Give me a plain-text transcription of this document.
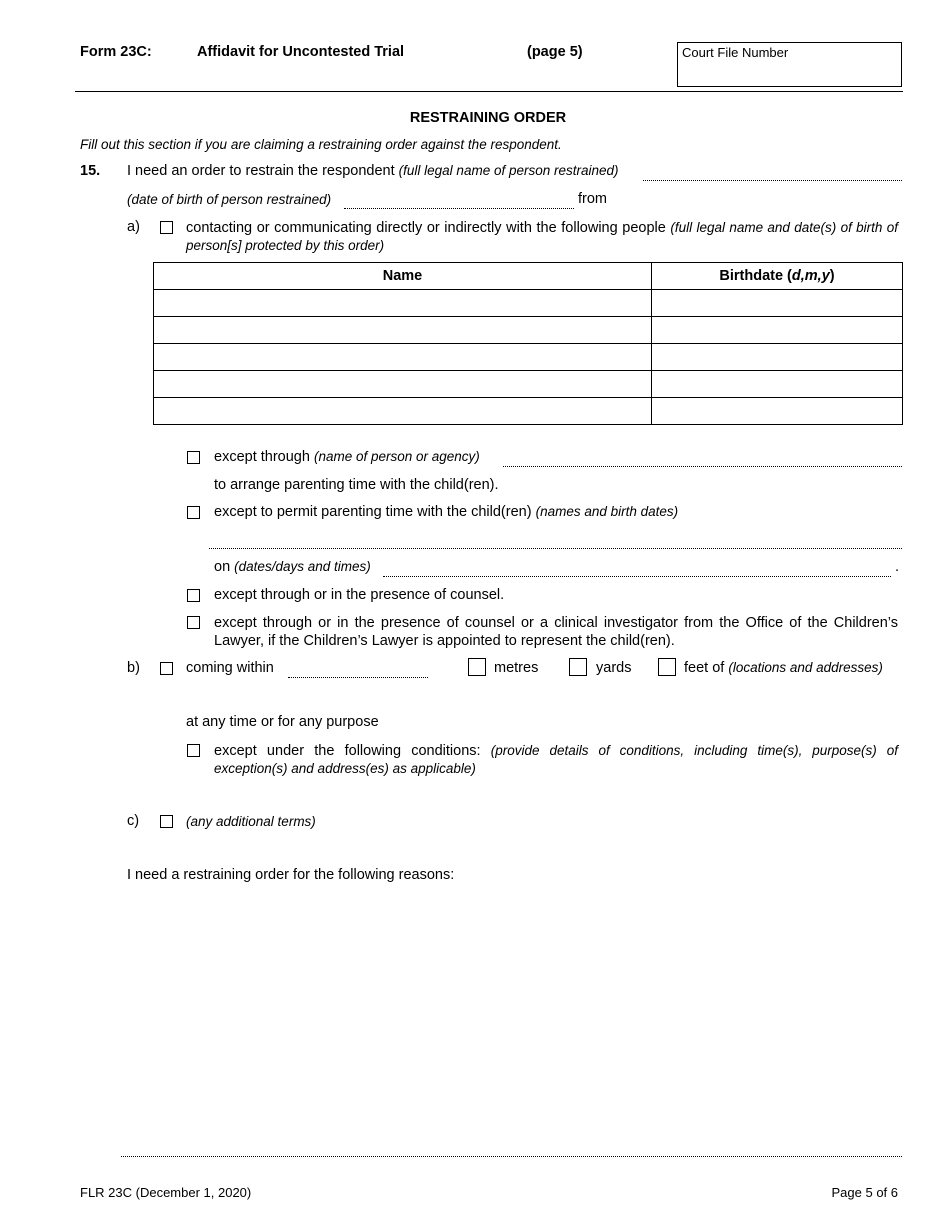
Form 23C:	Affidavit for Uncontested Trial	(page 5)	Court File Number
RESTRAINING ORDER
Fill out this section if you are claiming a restraining order against the respondent.
15. I need an order to restrain the respondent (full legal name of person restrained)
(date of birth of person restrained)	from
a)	contacting or communicating directly or indirectly with the following people (full legal name and date(s) of birth of person[s] protected by this order)
Name	Birthdate (d,m,y)

except through (name of person or agency)
to arrange parenting time with the child(ren).
except to permit parenting time with the child(ren) (names and birth dates)
on (dates/days and times)	.
except through or in the presence of counsel.
except through or in the presence of counsel or a clinical investigator from the Office of the Children’s Lawyer, if the Children’s Lawyer is appointed to represent the child(ren).
b)	coming within	metres	yards	feet of (locations and addresses)
at any time or for any purpose
except under the following conditions: (provide details of conditions, including time(s), purpose(s) of exception(s) and address(es) as applicable)
c)	(any additional terms)
I need a restraining order for the following reasons:
FLR 23C (December 1, 2020)	Page 5 of 6
